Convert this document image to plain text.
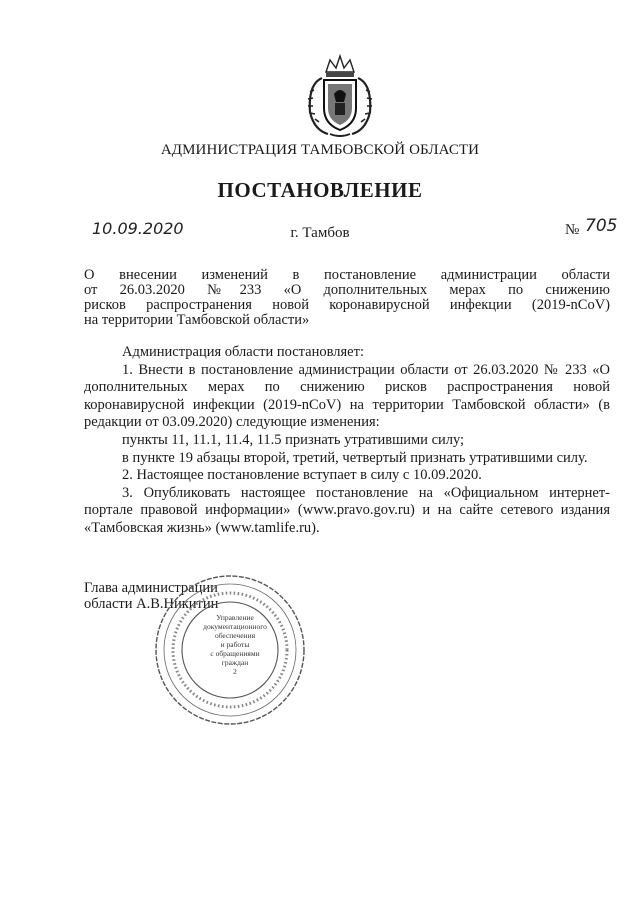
АДМИНИСТРАЦИЯ ТАМБОВСКОЙ ОБЛАСТИ
ПОСТАНОВЛЕНИЕ
10.09.2020	г. Тамбов	№ 705
О внесении изменений в постановление администрации области
от 26.03.2020 №233 «О дополнительных мерах по снижению
рисков распространения новой коронавирусной инфекции (2019-nCoV)
на территории Тамбовской области»

Администрация области постановляет:

1. Внести в постановление администрации области от 26.03.2020 № 233 «О дополнительных мерах по снижению рисков распространения новой коронавирусной инфекции (2019-nCoV) на территории Тамбовской области» (в редакции от 03.09.2020) следующие изменения:

пункты 11, 11.1, 11.4, 11.5 признать утратившими силу;

в пункте 19 абзацы второй, третий, четвертый признать утратившими силу.

2. Настоящее постановление вступает в силу с 10.09.2020.

3. Опубликовать настоящее постановление на «Официальном интернет-портале правовой информации» (www.pravo.gov.ru) и на сайте сетевого издания «Тамбовская жизнь» (www.tamlife.ru).

Глава администрации
области А.В.Никитин
Управление
документационного
обеспечения
и работы
с обращениями
граждан
2
